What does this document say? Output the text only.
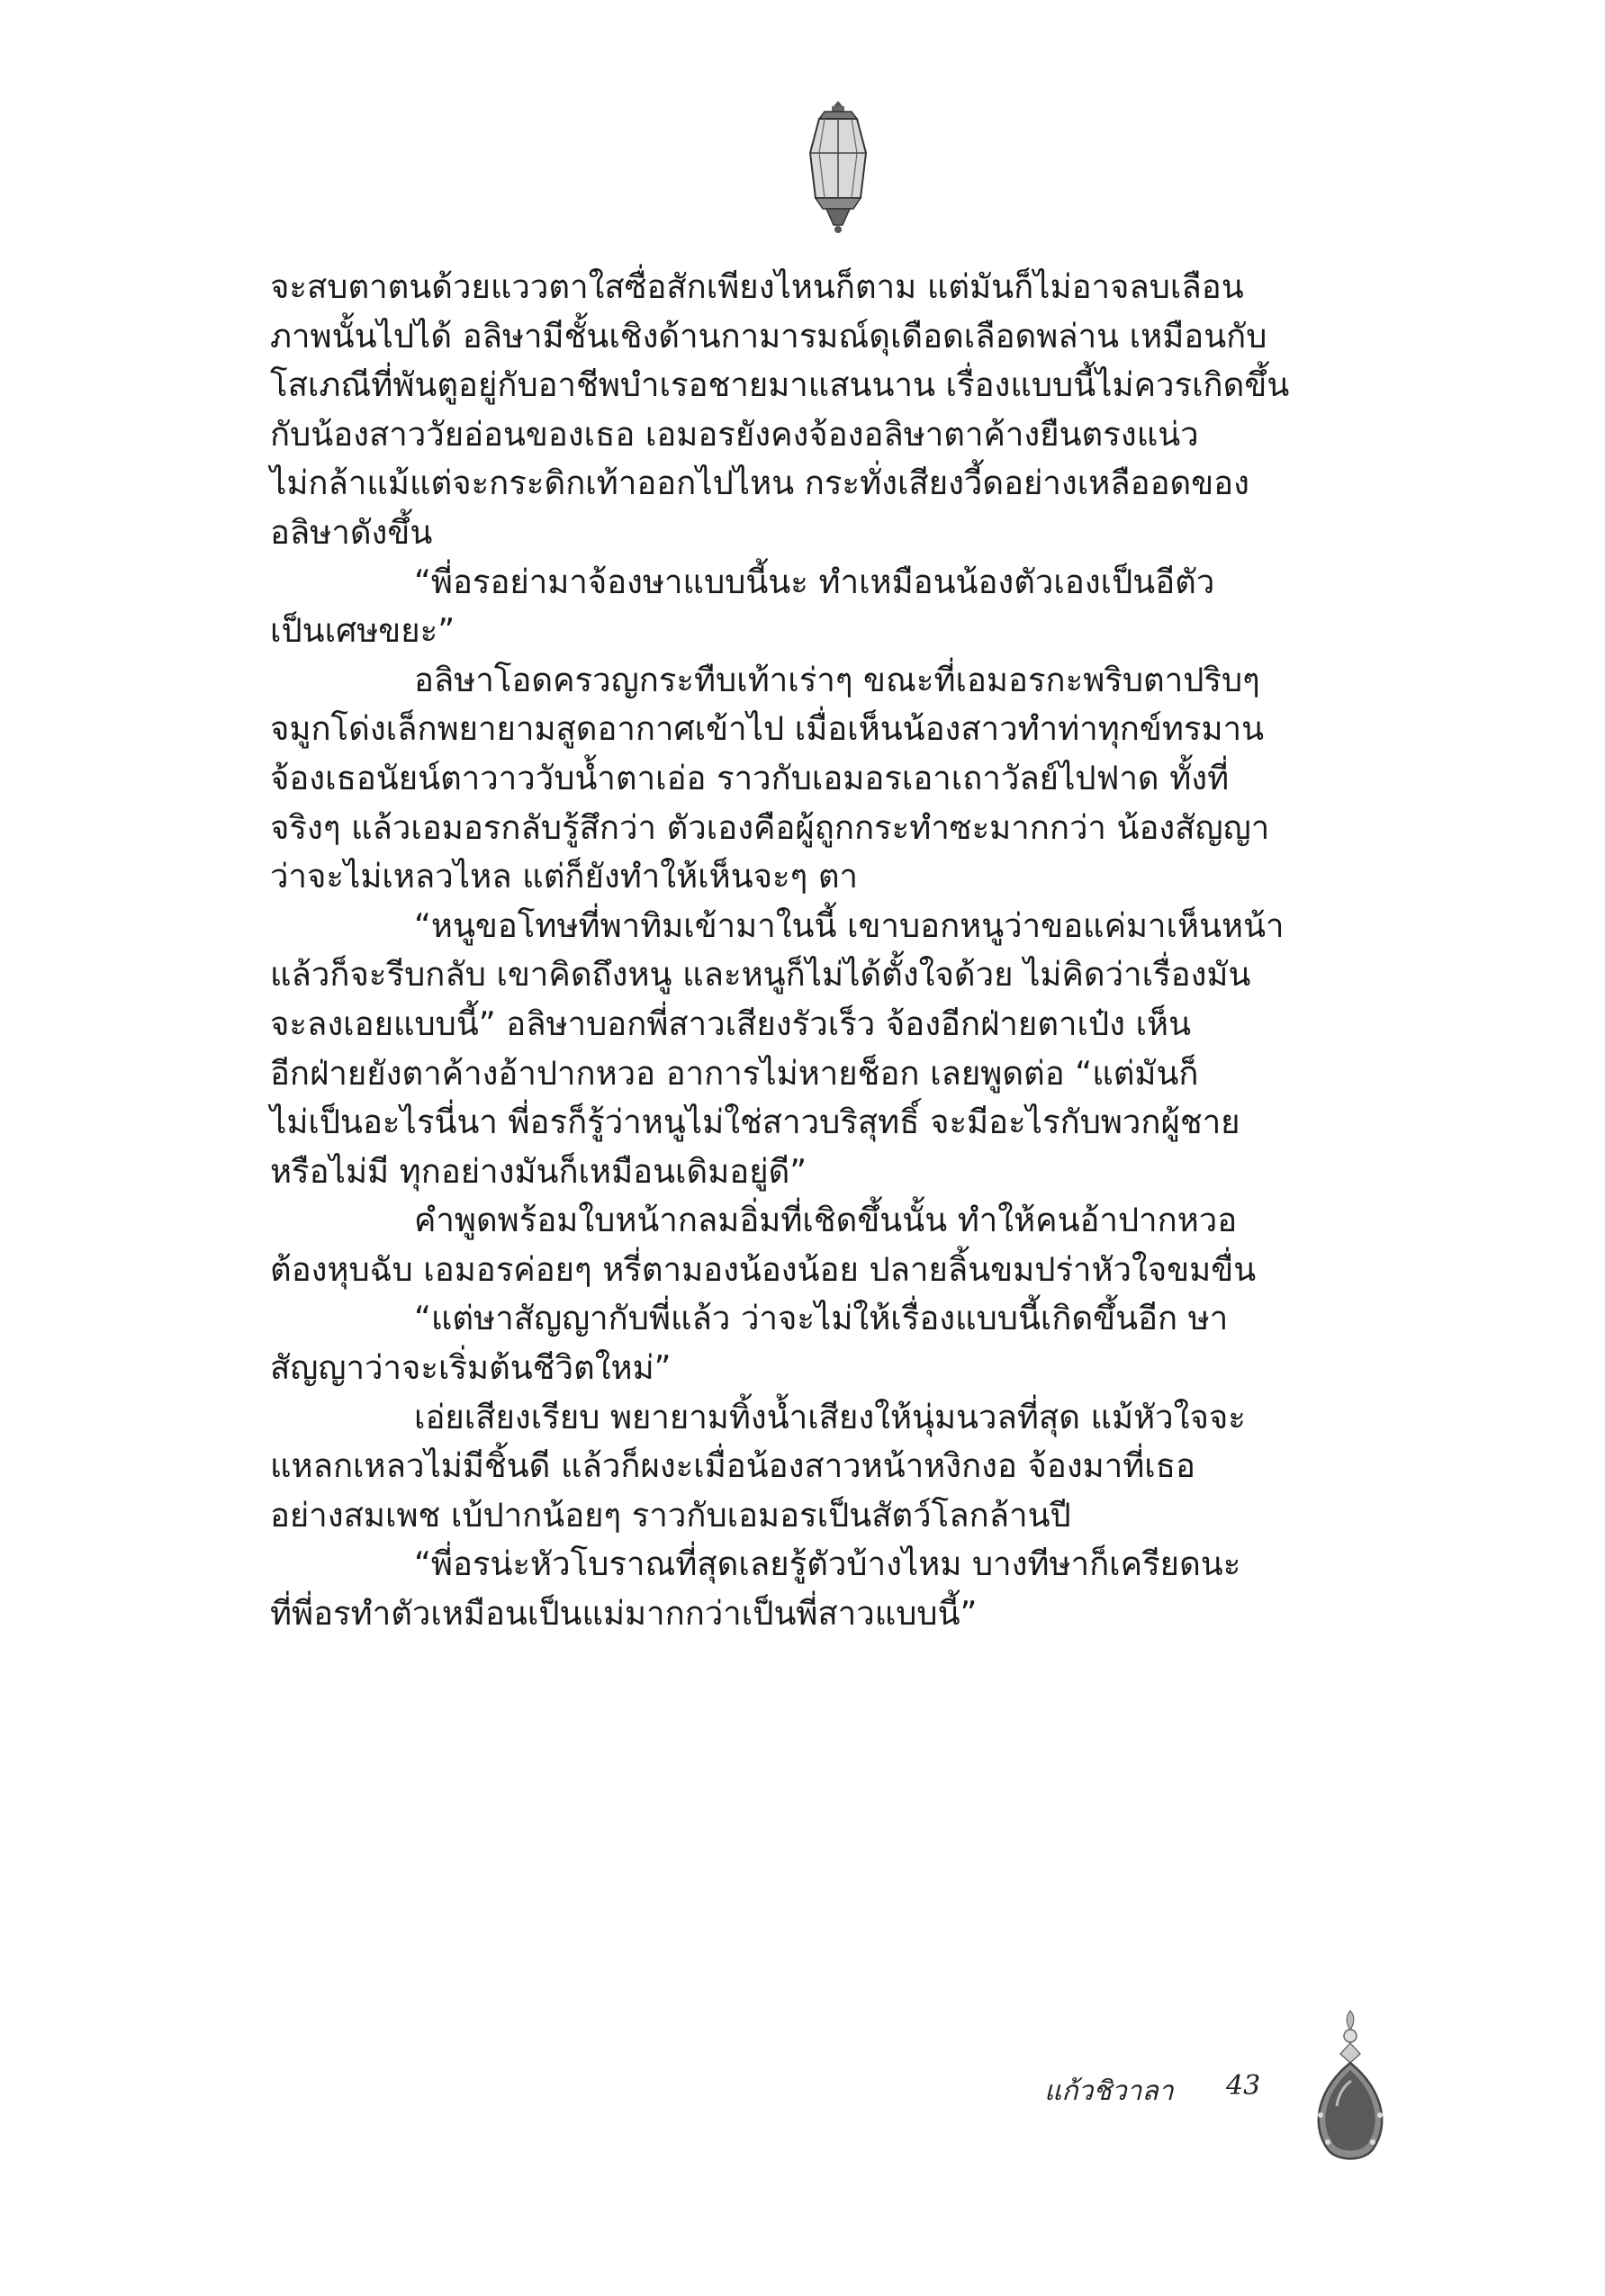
จะสบตาตนด้วยแววตาใสซื่อสักเพียงไหนก็ตาม แต่มันก็ไม่อาจลบเลือน
ภาพนั้นไปได้ อลิษามีชั้นเชิงด้านกามารมณ์ดุเดือดเลือดพล่าน เหมือนกับ
โสเภณีที่พันตูอยู่กับอาชีพบำเรอชายมาแสนนาน เรื่องแบบนี้ไม่ควรเกิดขึ้น
กับน้องสาววัยอ่อนของเธอ เอมอรยังคงจ้องอลิษาตาค้างยืนตรงแน่ว
ไม่กล้าแม้แต่จะกระดิกเท้าออกไปไหน กระทั่งเสียงวี้ดอย่างเหลืออดของ
อลิษาดังขึ้น
“พี่อรอย่ามาจ้องษาแบบนี้นะ ทำเหมือนน้องตัวเองเป็นอีตัว
เป็นเศษขยะ”
อลิษาโอดครวญกระทืบเท้าเร่าๆ ขณะที่เอมอรกะพริบตาปริบๆ
จมูกโด่งเล็กพยายามสูดอากาศเข้าไป เมื่อเห็นน้องสาวทำท่าทุกข์ทรมาน
จ้องเธอนัยน์ตาวาววับน้ำตาเอ่อ ราวกับเอมอรเอาเถาวัลย์ไปฟาด ทั้งที่
จริงๆ แล้วเอมอรกลับรู้สึกว่า ตัวเองคือผู้ถูกกระทำซะมากกว่า น้องสัญญา
ว่าจะไม่เหลวไหล แต่ก็ยังทำให้เห็นจะๆ ตา
“หนูขอโทษที่พาทิมเข้ามาในนี้ เขาบอกหนูว่าขอแค่มาเห็นหน้า
แล้วก็จะรีบกลับ เขาคิดถึงหนู และหนูก็ไม่ได้ตั้งใจด้วย ไม่คิดว่าเรื่องมัน
จะลงเอยแบบนี้” อลิษาบอกพี่สาวเสียงรัวเร็ว จ้องอีกฝ่ายตาเป๋ง เห็น
อีกฝ่ายยังตาค้างอ้าปากหวอ อาการไม่หายช็อก เลยพูดต่อ “แต่มันก็
ไม่เป็นอะไรนี่นา พี่อรก็รู้ว่าหนูไม่ใช่สาวบริสุทธิ์ จะมีอะไรกับพวกผู้ชาย
หรือไม่มี ทุกอย่างมันก็เหมือนเดิมอยู่ดี”
คำพูดพร้อมใบหน้ากลมอิ่มที่เชิดขึ้นนั้น ทำให้คนอ้าปากหวอ
ต้องหุบฉับ เอมอรค่อยๆ หรี่ตามองน้องน้อย ปลายลิ้นขมปร่าหัวใจขมขื่น
“แต่ษาสัญญากับพี่แล้ว ว่าจะไม่ให้เรื่องแบบนี้เกิดขึ้นอีก ษา
สัญญาว่าจะเริ่มต้นชีวิตใหม่”
เอ่ยเสียงเรียบ พยายามทิ้งน้ำเสียงให้นุ่มนวลที่สุด แม้หัวใจจะ
แหลกเหลวไม่มีชิ้นดี แล้วก็ผงะเมื่อน้องสาวหน้าหงิกงอ จ้องมาที่เธอ
อย่างสมเพช เบ้ปากน้อยๆ ราวกับเอมอรเป็นสัตว์โลกล้านปี
“พี่อรน่ะหัวโบราณที่สุดเลยรู้ตัวบ้างไหม บางทีษาก็เครียดนะ
ที่พี่อรทำตัวเหมือนเป็นแม่มากกว่าเป็นพี่สาวแบบนี้”
แก้วชิวาลา 43
